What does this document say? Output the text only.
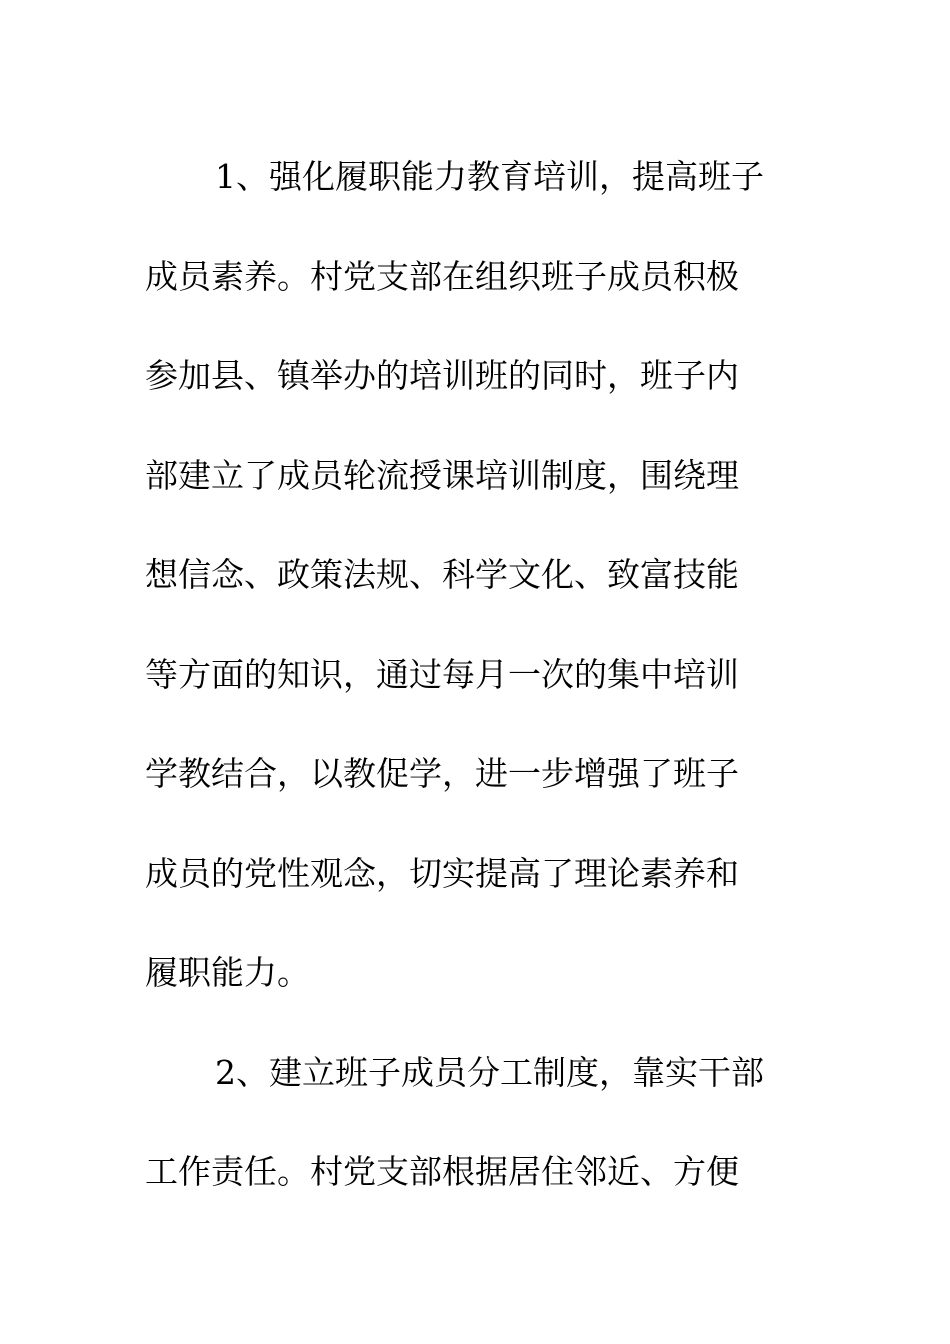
1、强化履职能力教育培训，提高班子
成员素养。村党支部在组织班子成员积极
参加县、镇举办的培训班的同时，班子内
部建立了成员轮流授课培训制度，围绕理
想信念、政策法规、科学文化、致富技能
等方面的知识，通过每月一次的集中培训
学教结合，以教促学，进一步增强了班子
成员的党性观念，切实提高了理论素养和
履职能力。
2、建立班子成员分工制度，靠实干部
工作责任。村党支部根据居住邻近、方便
